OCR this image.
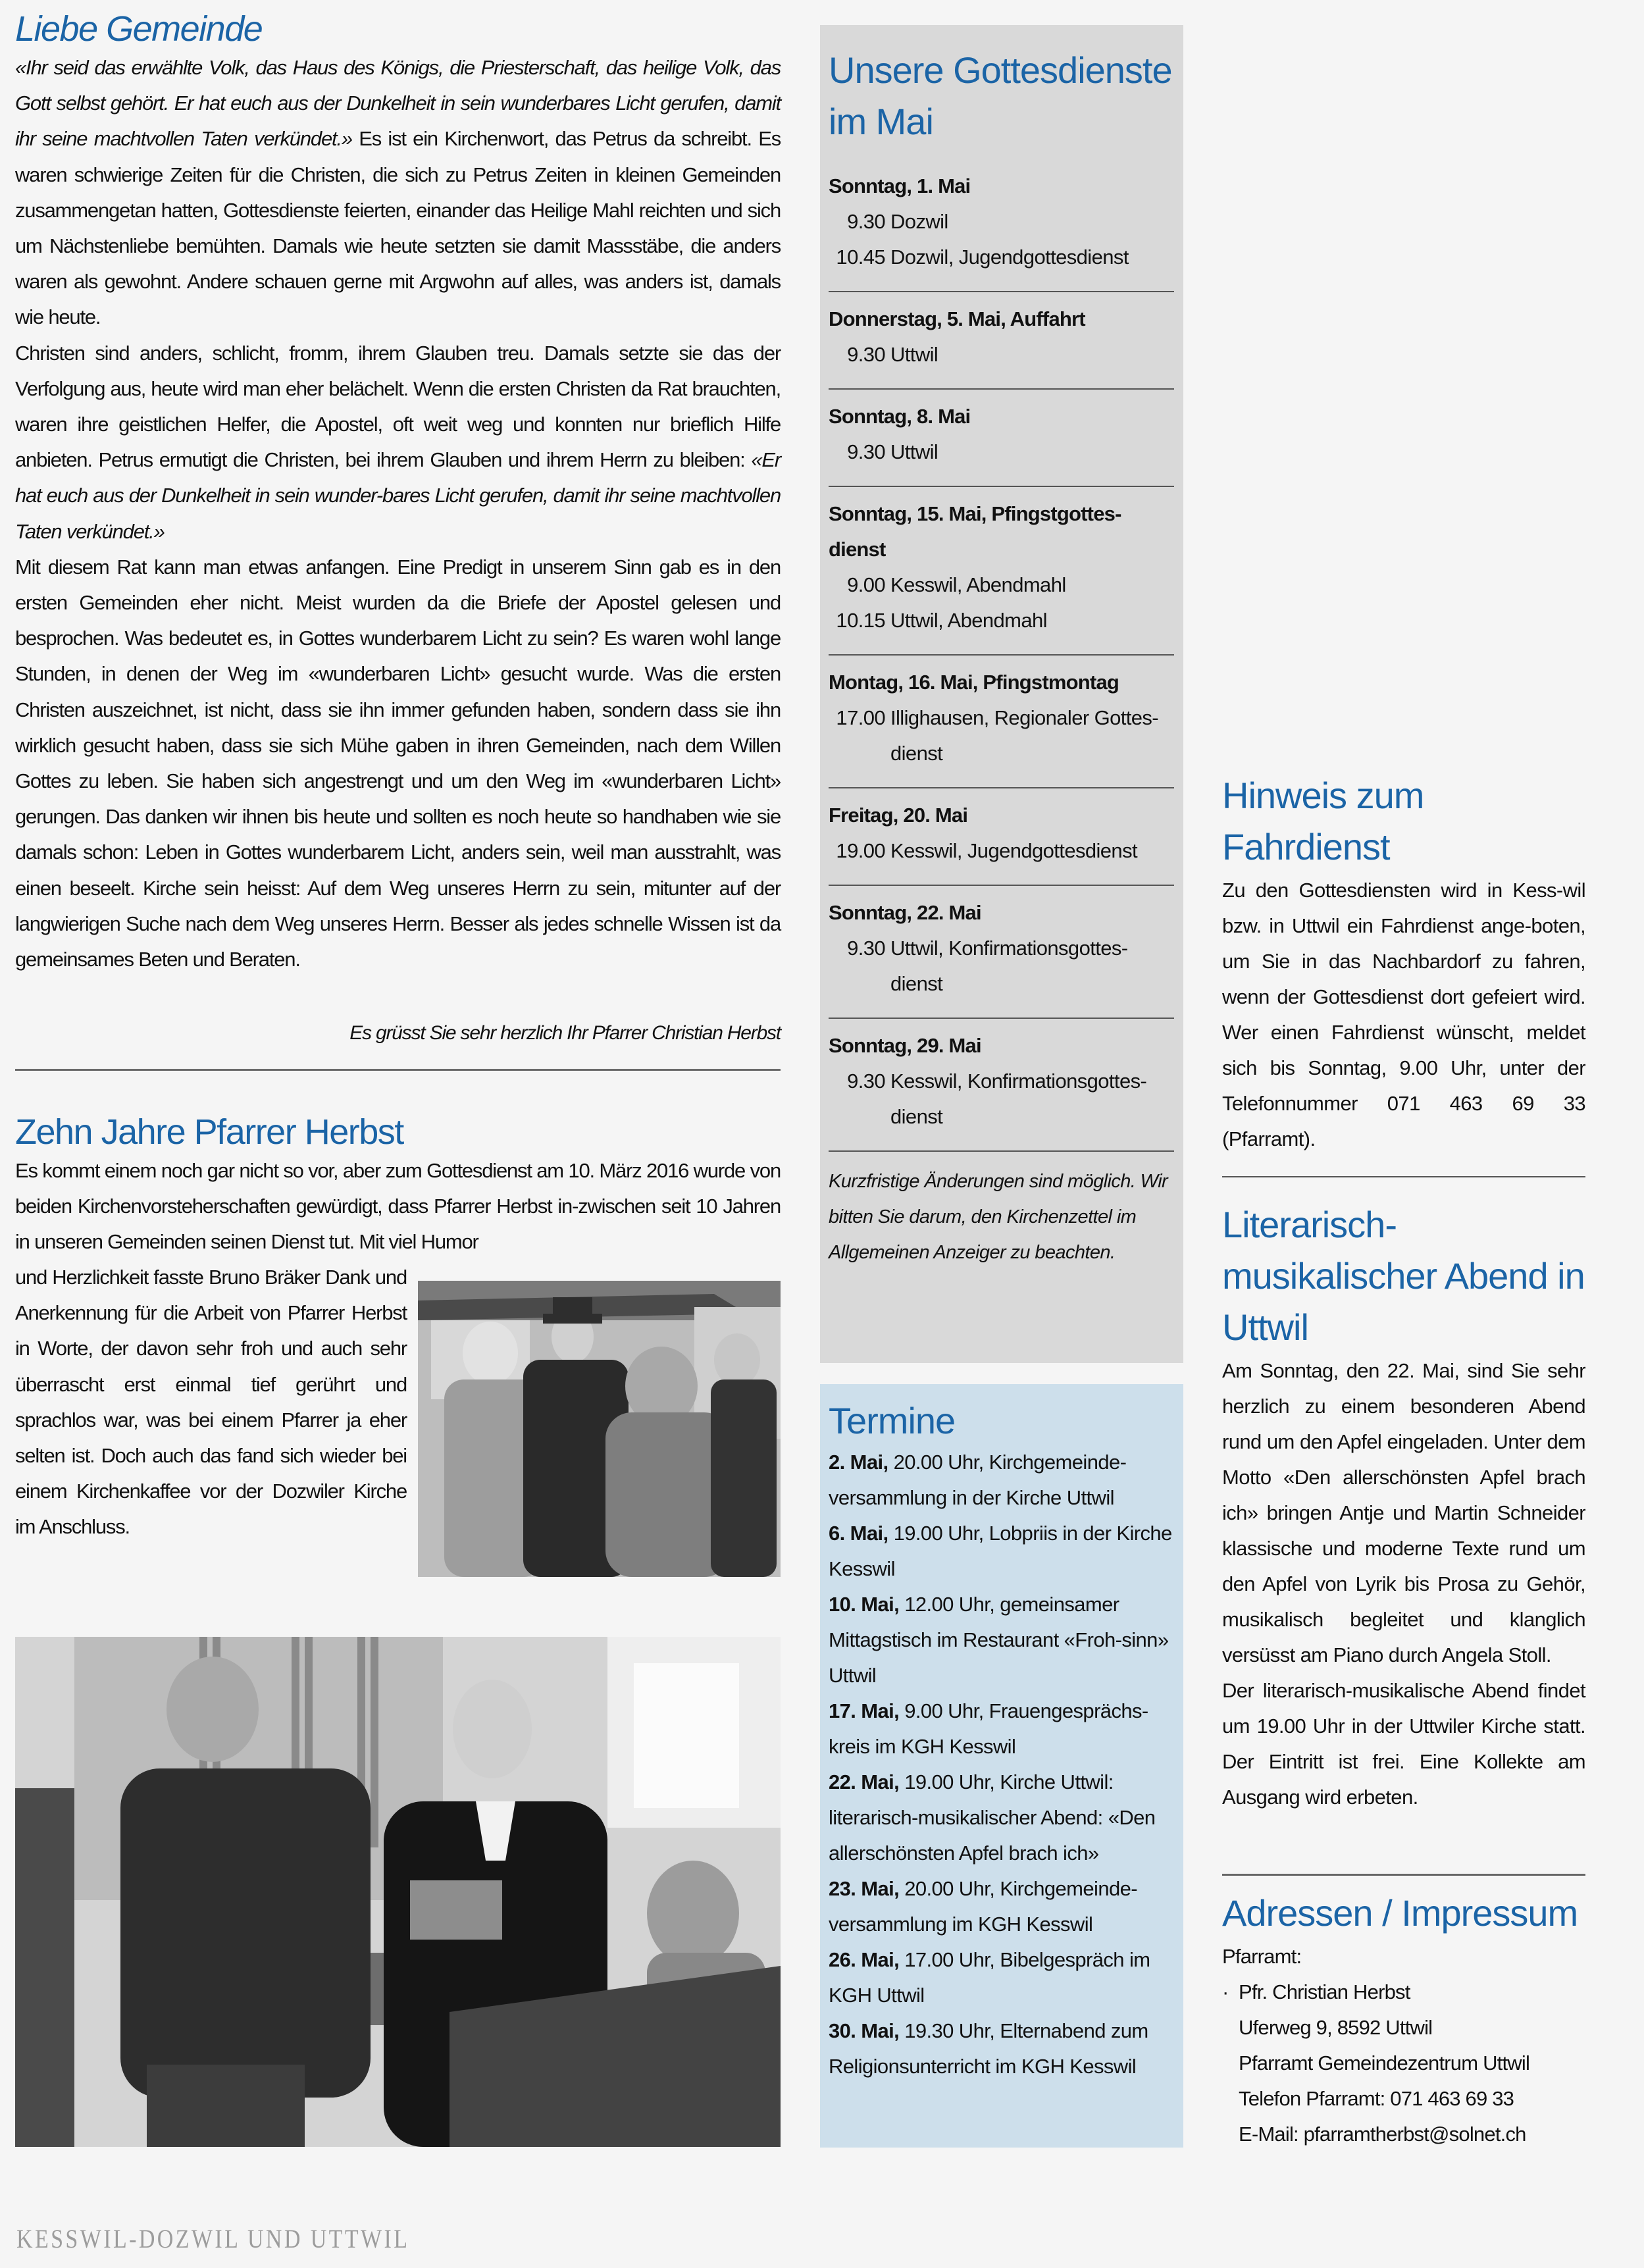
Liebe Gemeinde

«Ihr seid das erwählte Volk, das Haus des Königs, die Priesterschaft, das heilige Volk, das Gott selbst gehört. Er hat euch aus der Dunkelheit in sein wunderbares Licht gerufen, damit ihr seine machtvollen Taten verkündet.» Es ist ein Kirchenwort, das Petrus da schreibt. Es waren schwierige Zeiten für die Christen, die sich zu Petrus Zeiten in kleinen Gemeinden zusammengetan hatten, Gottesdienste feierten, einander das Heilige Mahl reichten und sich um Nächstenliebe bemühten. Damals wie heute setzten sie damit Massstäbe, die anders waren als gewohnt. Andere schauen gerne mit Argwohn auf alles, was anders ist, damals wie heute.

Christen sind anders, schlicht, fromm, ihrem Glauben treu. Damals setzte sie das der Verfolgung aus, heute wird man eher belächelt. Wenn die ersten Christen da Rat brauchten, waren ihre geistlichen Helfer, die Apostel, oft weit weg und konnten nur brieflich Hilfe anbieten. Petrus ermutigt die Christen, bei ihrem Glauben und ihrem Herrn zu bleiben: «Er hat euch aus der Dunkelheit in sein wunder-bares Licht gerufen, damit ihr seine machtvollen Taten verkündet.»

Mit diesem Rat kann man etwas anfangen. Eine Predigt in unserem Sinn gab es in den ersten Gemeinden eher nicht. Meist wurden da die Briefe der Apostel gelesen und besprochen. Was bedeutet es, in Gottes wunderbarem Licht zu sein? Es waren wohl lange Stunden, in denen der Weg im «wunderbaren Licht» gesucht wurde. Was die ersten Christen auszeichnet, ist nicht, dass sie ihn immer gefunden haben, sondern dass sie ihn wirklich gesucht haben, dass sie sich Mühe gaben in ihren Gemeinden, nach dem Willen Gottes zu leben. Sie haben sich angestrengt und um den Weg im «wunderbaren Licht» gerungen. Das danken wir ihnen bis heute und sollten es noch heute so handhaben wie sie damals schon: Leben in Gottes wunderbarem Licht, anders sein, weil man ausstrahlt, was einen beseelt. Kirche sein heisst: Auf dem Weg unseres Herrn zu sein, mitunter auf der langwierigen Suche nach dem Weg unseres Herrn. Besser als jedes schnelle Wissen ist da gemeinsames Beten und Beraten.

Es grüsst Sie sehr herzlich Ihr Pfarrer Christian Herbst

Zehn Jahre Pfarrer Herbst

Es kommt einem noch gar nicht so vor, aber zum Gottesdienst am 10. März 2016 wurde von beiden Kirchenvorsteherschaften gewürdigt, dass Pfarrer Herbst in-zwischen seit 10 Jahren in unseren Gemeinden seinen Dienst tut. Mit viel Humor

und Herzlichkeit fasste Bruno Bräker Dank und Anerkennung für die Arbeit von Pfarrer Herbst in Worte, der davon sehr froh und auch sehr überrascht erst einmal tief gerührt und sprachlos war, was bei einem Pfarrer ja eher selten ist. Doch auch das fand sich wieder bei einem Kirchenkaffee vor der Dozwiler Kirche im Anschluss.

Unsere Gottesdienste im Mai
Sonntag, 1. Mai
9.30 Dozwil
10.45 Dozwil, Jugendgottesdienst
Donnerstag, 5. Mai, Auffahrt
9.30 Uttwil
Sonntag, 8. Mai
9.30 Uttwil
Sonntag, 15. Mai, Pfingstgottes-dienst
9.00 Kesswil, Abendmahl
10.15 Uttwil, Abendmahl
Montag, 16. Mai, Pfingstmontag
17.00 Illighausen, Regionaler Gottes-dienst
Freitag, 20. Mai
19.00 Kesswil, Jugendgottesdienst
Sonntag, 22. Mai
9.30 Uttwil, Konfirmationsgottes-dienst
Sonntag, 29. Mai
9.30 Kesswil, Konfirmationsgottes-dienst

Kurzfristige Änderungen sind möglich. Wir bitten Sie darum, den Kirchenzettel im Allgemeinen Anzeiger zu beachten.

Termine

2. Mai, 20.00 Uhr, Kirchgemeinde-versammlung in der Kirche Uttwil

6. Mai, 19.00 Uhr, Lobpriis in der Kirche Kesswil

10. Mai, 12.00 Uhr, gemeinsamer Mittagstisch im Restaurant «Froh-sinn» Uttwil

17. Mai, 9.00 Uhr, Frauengesprächs-kreis im KGH Kesswil

22. Mai, 19.00 Uhr, Kirche Uttwil: literarisch-musikalischer Abend: «Den allerschönsten Apfel brach ich»

23. Mai, 20.00 Uhr, Kirchgemeinde-versammlung im KGH Kesswil

26. Mai, 17.00 Uhr, Bibelgespräch im KGH Uttwil

30. Mai, 19.30 Uhr, Elternabend zum Religionsunterricht im KGH Kesswil

Hinweis zum Fahrdienst

Zu den Gottesdiensten wird in Kess-wil bzw. in Uttwil ein Fahrdienst ange-boten, um Sie in das Nachbardorf zu fahren, wenn der Gottesdienst dort gefeiert wird. Wer einen Fahrdienst wünscht, meldet sich bis Sonntag, 9.00 Uhr, unter der Telefonnummer 071 463 69 33 (Pfarramt).

Literarisch-musikalischer Abend in Uttwil

Am Sonntag, den 22. Mai, sind Sie sehr herzlich zu einem besonderen Abend rund um den Apfel eingeladen. Unter dem Motto «Den allerschönsten Apfel brach ich» bringen Antje und Martin Schneider klassische und moderne Texte rund um den Apfel von Lyrik bis Prosa zu Gehör, musikalisch begleitet und klanglich versüsst am Piano durch Angela Stoll.

Der literarisch-musikalische Abend findet um 19.00 Uhr in der Uttwiler Kirche statt. Der Eintritt ist frei. Eine Kollekte am Ausgang wird erbeten.

Adressen / Impressum
Pfarramt:
· Pfr. Christian Herbst
Uferweg 9, 8592 Uttwil
Pfarramt Gemeindezentrum Uttwil
Telefon Pfarramt: 071 463 69 33
E-Mail: pfarramtherbst@solnet.ch
KESSWIL-DOZWIL UND UTTWIL
